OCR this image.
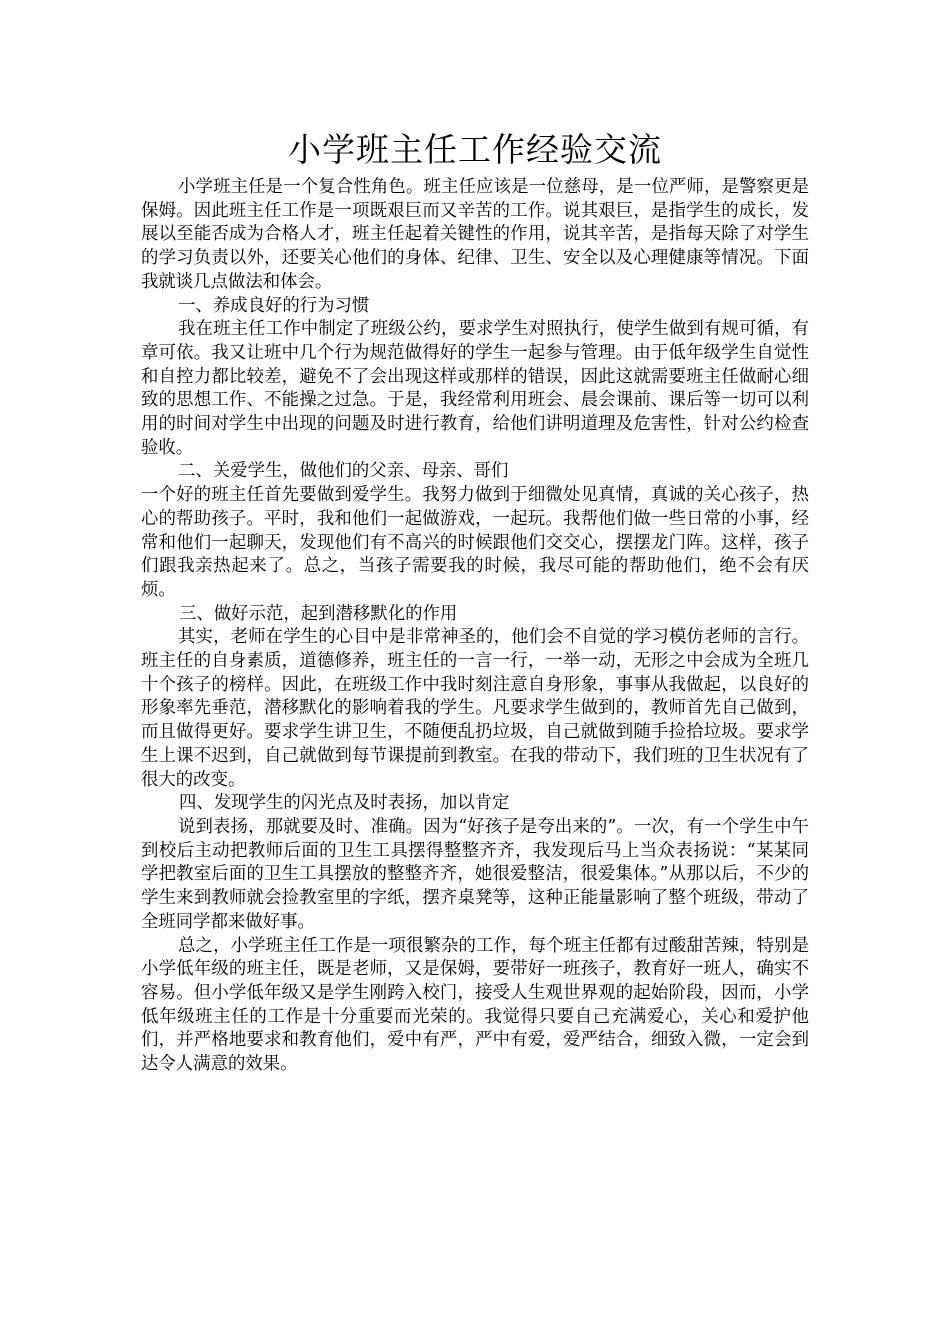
小学班主任工作经验交流

小学班主任是一个复合性角色。班主任应该是一位慈母，是一位严师，是警察更是保姆。因此班主任工作是一项既艰巨而又辛苦的工作。说其艰巨，是指学生的成长，发展以至能否成为合格人才，班主任起着关键性的作用，说其辛苦，是指每天除了对学生的学习负责以外，还要关心他们的身体、纪律、卫生、安全以及心理健康等情况。下面我就谈几点做法和体会。

一、养成良好的行为习惯

我在班主任工作中制定了班级公约，要求学生对照执行，使学生做到有规可循，有章可依。我又让班中几个行为规范做得好的学生一起参与管理。由于低年级学生自觉性和自控力都比较差，避免不了会出现这样或那样的错误，因此这就需要班主任做耐心细致的思想工作、不能操之过急。于是，我经常利用班会、晨会课前、课后等一切可以利用的时间对学生中出现的问题及时进行教育，给他们讲明道理及危害性，针对公约检查验收。

二、关爱学生，做他们的父亲、母亲、哥们

一个好的班主任首先要做到爱学生。我努力做到于细微处见真情，真诚的关心孩子，热心的帮助孩子。平时，我和他们一起做游戏，一起玩。我帮他们做一些日常的小事，经常和他们一起聊天，发现他们有不高兴的时候跟他们交交心，摆摆龙门阵。这样，孩子们跟我亲热起来了。总之，当孩子需要我的时候，我尽可能的帮助他们，绝不会有厌烦。

三、做好示范，起到潜移默化的作用

其实，老师在学生的心目中是非常神圣的，他们会不自觉的学习模仿老师的言行。班主任的自身素质，道德修养，班主任的一言一行，一举一动，无形之中会成为全班几十个孩子的榜样。因此，在班级工作中我时刻注意自身形象，事事从我做起，以良好的形象率先垂范，潜移默化的影响着我的学生。凡要求学生做到的，教师首先自己做到，而且做得更好。要求学生讲卫生，不随便乱扔垃圾，自己就做到随手捡拾垃圾。要求学生上课不迟到，自己就做到每节课提前到教室。在我的带动下，我们班的卫生状况有了很大的改变。

四、发现学生的闪光点及时表扬，加以肯定

说到表扬，那就要及时、准确。因为“好孩子是夸出来的”。一次，有一个学生中午到校后主动把教师后面的卫生工具摆得整整齐齐，我发现后马上当众表扬说：“某某同学把教室后面的卫生工具摆放的整整齐齐，她很爱整洁，很爱集体。”从那以后，不少的学生来到教师就会捡教室里的字纸，摆齐桌凳等，这种正能量影响了整个班级，带动了全班同学都来做好事。

总之，小学班主任工作是一项很繁杂的工作，每个班主任都有过酸甜苦辣，特别是小学低年级的班主任，既是老师，又是保姆，要带好一班孩子，教育好一班人，确实不容易。但小学低年级又是学生刚跨入校门，接受人生观世界观的起始阶段，因而，小学低年级班主任的工作是十分重要而光荣的。我觉得只要自己充满爱心，关心和爱护他们，并严格地要求和教育他们，爱中有严，严中有爱，爱严结合，细致入微，一定会到达令人满意的效果。
